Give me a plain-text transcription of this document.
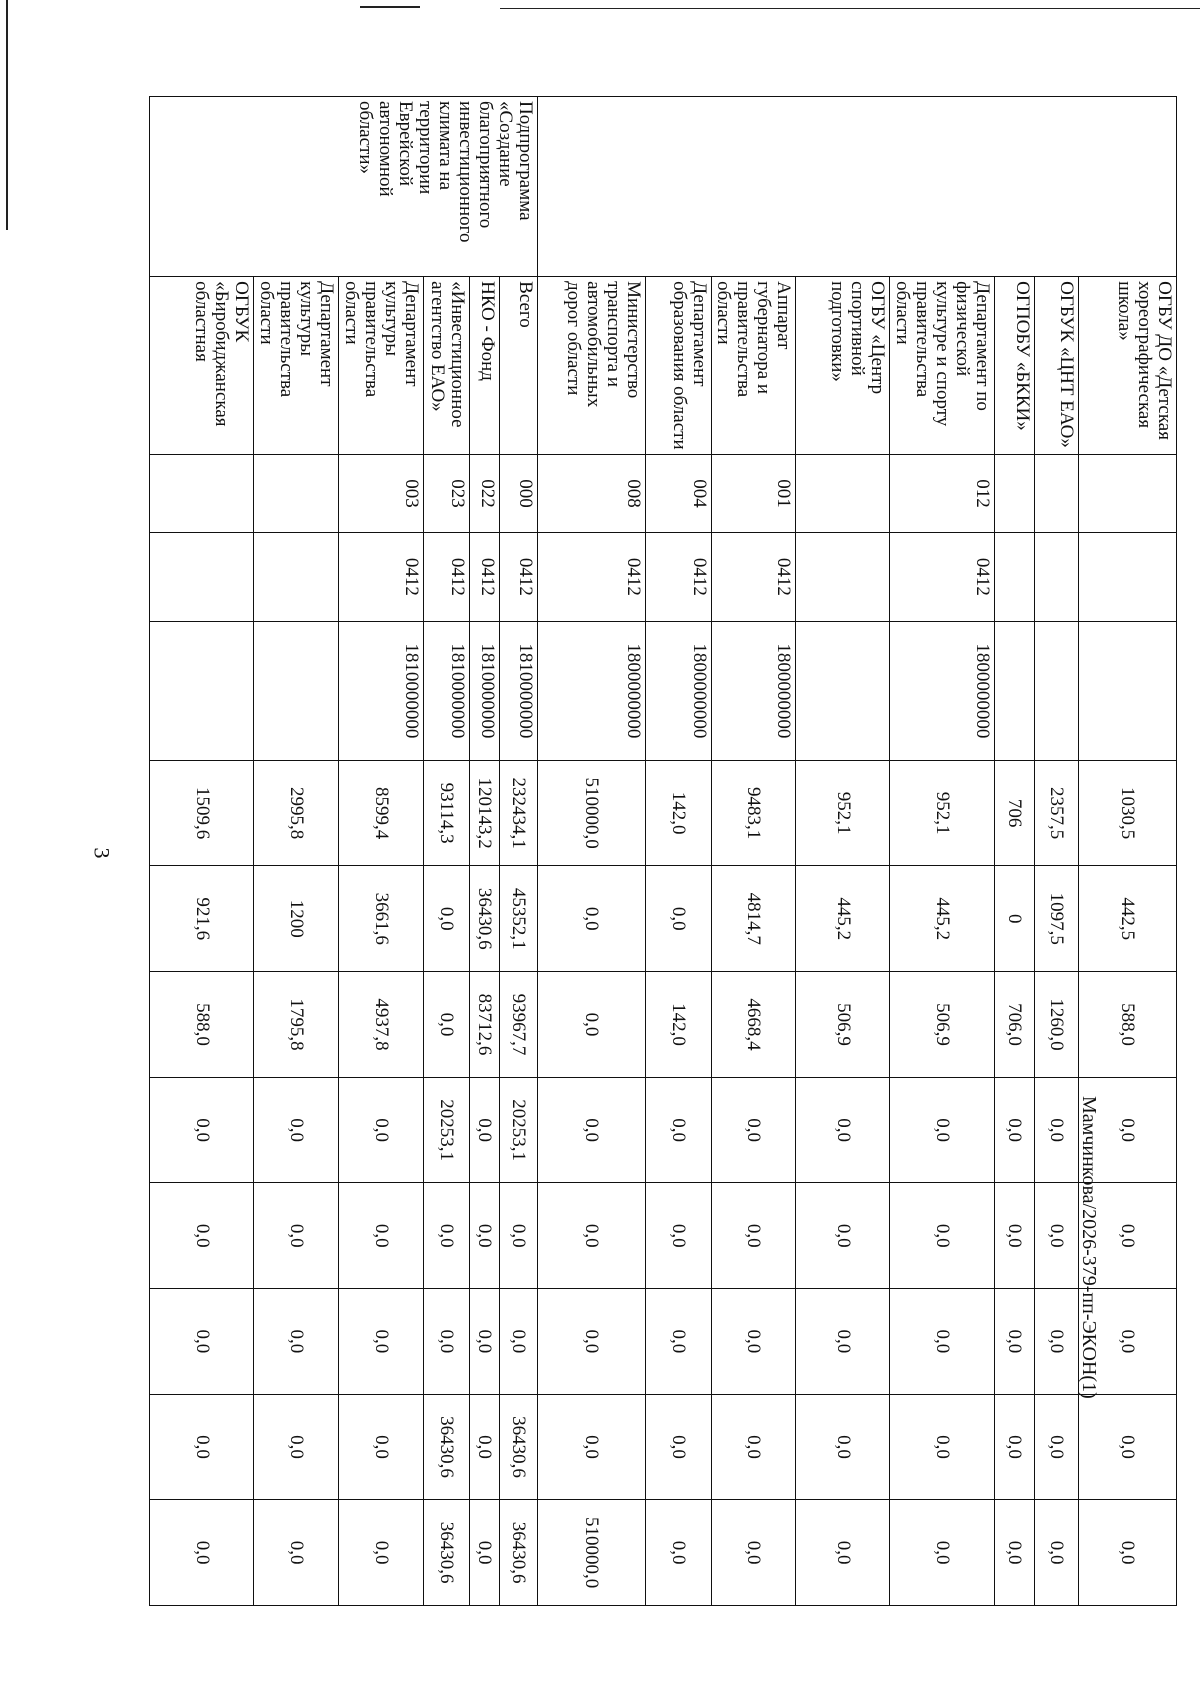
3
	ОГБУ ДО «Детская хореографическая школа»				1030,5	442,5	588,0	0,0	0,0	0,0	0,0	0,0
	ОГБУК «ЦНТ ЕАО»				2357,5	1097,5	1260,0	0,0	0,0	0,0	0,0	0,0
	ОГПОБУ «БККИ»				706	0	706,0	0,0	0,0	0,0	0,0	0,0
	Департамент по физической культуре и спорту правительства области	012	0412	1800000000	952,1	445,2	506,9	0,0	0,0	0,0	0,0	0,0
	ОГБУ «Центр спортивной подготовки»				952,1	445,2	506,9	0,0	0,0	0,0	0,0	0,0
	Аппарат губернатора и правительства области	001	0412	1800000000	9483,1	4814,7	4668,4	0,0	0,0	0,0	0,0	0,0
	Департамент образования области	004	0412	1800000000	142,0	0,0	142,0	0,0	0,0	0,0	0,0	0,0
	Министерство транспорта и автомобильных дорог области	008	0412	1800000000	510000,0	0,0	0,0	0,0	0,0	0,0	0,0	510000,0
Подпрограмма «Создание благоприятного инвестиционного климата на территории Еврейской автономной области»	Всего	000	0412	1810000000	232434,1	45352,1	93967,7	20253,1	0,0	0,0	36430,6	36430,6
	НКО - Фонд	022	0412	1810000000	120143,2	36430,6	83712,6	0,0	0,0	0,0	0,0	0,0
	«Инвестиционное агентство ЕАО»	023	0412	1810000000	93114,3	0,0	0,0	20253,1	0,0	0,0	36430,6	36430,6
	Департамент культуры правительства области	003	0412	1810000000	8599,4	3661,6	4937,8	0,0	0,0	0,0	0,0	0,0
	Департамент культуры правительства области				2995,8	1200	1795,8	0,0	0,0	0,0	0,0	0,0
	ОГБУК «Биробиджанская областная				1509,6	921,6	588,0	0,0	0,0	0,0	0,0	0,0
Мамчинкова/2026-379-пп-ЭКОН(1)
